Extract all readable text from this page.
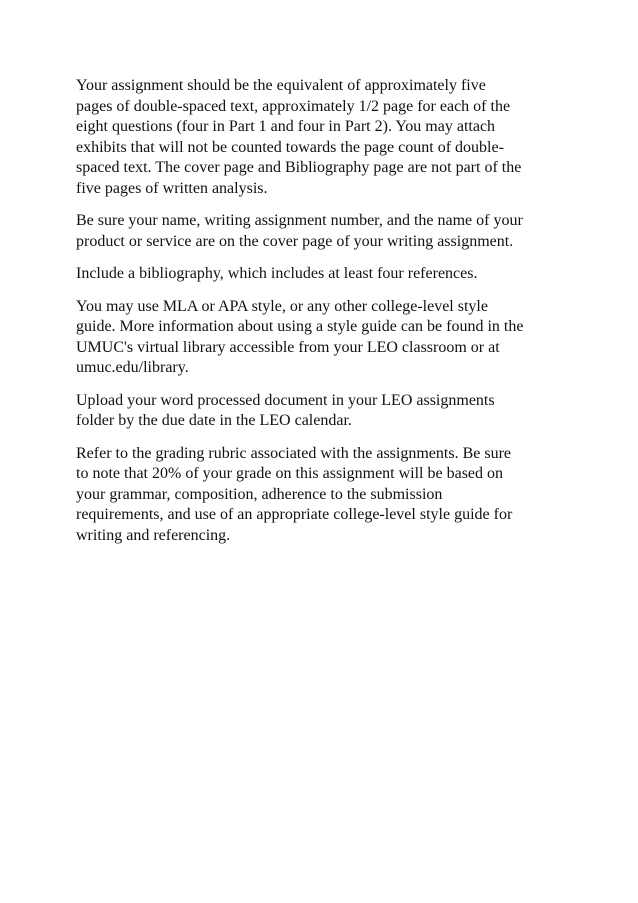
Your assignment should be the equivalent of approximately five
pages of double-spaced text, approximately 1/2 page for each of the
eight questions (four in Part 1 and four in Part 2). You may attach
exhibits that will not be counted towards the page count of double-
spaced text. The cover page and Bibliography page are not part of the
five pages of written analysis.

Be sure your name, writing assignment number, and the name of your
product or service are on the cover page of your writing assignment.

Include a bibliography, which includes at least four references.

You may use MLA or APA style, or any other college-level style
guide. More information about using a style guide can be found in the
UMUC's virtual library accessible from your LEO classroom or at
umuc.edu/library.

Upload your word processed document in your LEO assignments
folder by the due date in the LEO calendar.

Refer to the grading rubric associated with the assignments. Be sure
to note that 20% of your grade on this assignment will be based on
your grammar, composition, adherence to the submission
requirements, and use of an appropriate college-level style guide for
writing and referencing.
